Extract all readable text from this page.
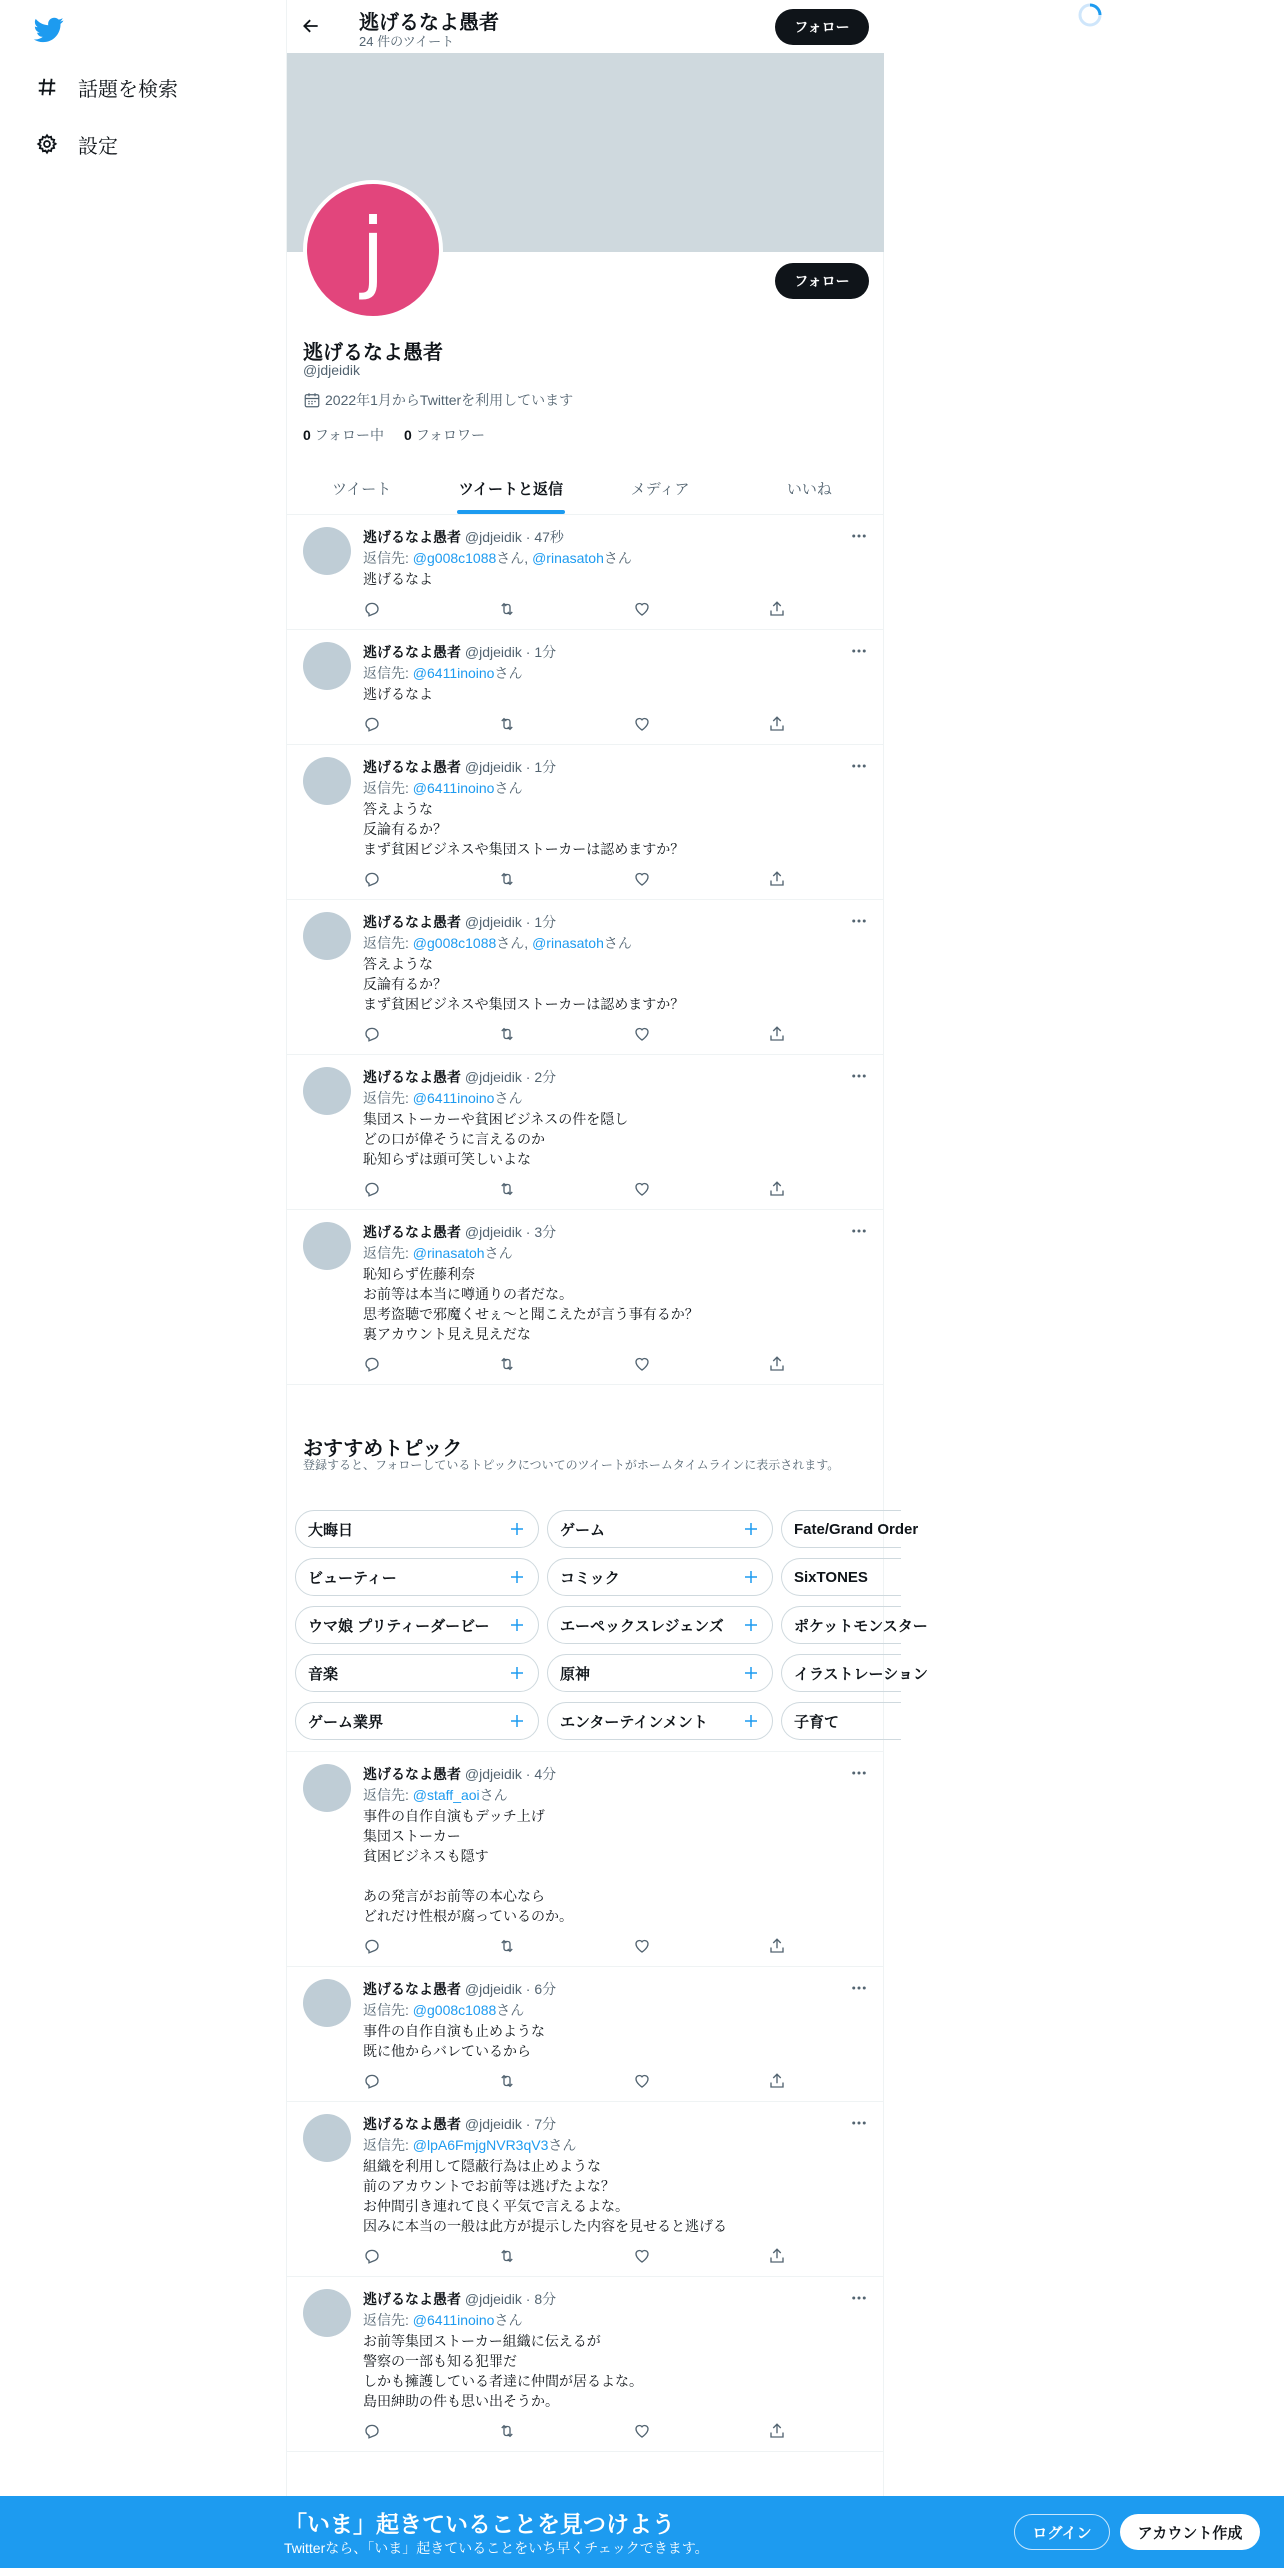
話題を検索
設定
逃げるなよ愚者
24 件のツイート
フォロー
j	フォロー
逃げるなよ愚者
@jdjeidik
2022年1月からTwitterを利用しています
0 フォロー中 0 フォロワー
ツイート	ツイートと返信	メディア	いいね
逃げるなよ愚者 @jdjeidik · 47秒
返信先: @g008c1088さん, @rinasatohさん
逃げるなよ
逃げるなよ愚者 @jdjeidik · 1分
返信先: @6411inoinoさん
逃げるなよ
逃げるなよ愚者 @jdjeidik · 1分
返信先: @6411inoinoさん
答えような
反論有るか？
まず貧困ビジネスや集団ストーカーは認めますか？
逃げるなよ愚者 @jdjeidik · 1分
返信先: @g008c1088さん, @rinasatohさん
答えような
反論有るか？
まず貧困ビジネスや集団ストーカーは認めますか？
逃げるなよ愚者 @jdjeidik · 2分
返信先: @6411inoinoさん
集団ストーカーや貧困ビジネスの件を隠し
どの口が偉そうに言えるのか
恥知らずは頭可笑しいよな
逃げるなよ愚者 @jdjeidik · 3分
返信先: @rinasatohさん
恥知らず佐藤利奈
お前等は本当に噂通りの者だな。
思考盗聴で邪魔くせぇ〜と聞こえたが言う事有るか？
裏アカウント見え見えだな
おすすめトピック
登録すると、フォローしているトピックについてのツイートがホームタイムラインに表示されます。
大晦日	ゲーム	Fate/Grand Order
ビューティー	コミック	SixTONES
ウマ娘 プリティーダービー	エーペックスレジェンズ	ポケットモンスター
音楽	原神	イラストレーション
ゲーム業界	エンターテインメント	子育て
逃げるなよ愚者 @jdjeidik · 4分
返信先: @staff_aoiさん
事件の自作自演もデッチ上げ
集団ストーカー
貧困ビジネスも隠す

あの発言がお前等の本心なら
どれだけ性根が腐っているのか。
逃げるなよ愚者 @jdjeidik · 6分
返信先: @g008c1088さん
事件の自作自演も止めような
既に他からバレているから
逃げるなよ愚者 @jdjeidik · 7分
返信先: @lpA6FmjgNVR3qV3さん
組織を利用して隠蔽行為は止めような
前のアカウントでお前等は逃げたよな？
お仲間引き連れて良く平気で言えるよな。
因みに本当の一般は此方が提示した内容を見せると逃げる
逃げるなよ愚者 @jdjeidik · 8分
返信先: @6411inoinoさん
お前等集団ストーカー組織に伝えるが
警察の一部も知る犯罪だ
しかも擁護している者達に仲間が居るよな。
島田紳助の件も思い出そうか。
「いま」起きていることを見つけよう
Twitterなら、「いま」起きていることをいち早くチェックできます。
ログイン	アカウント作成
